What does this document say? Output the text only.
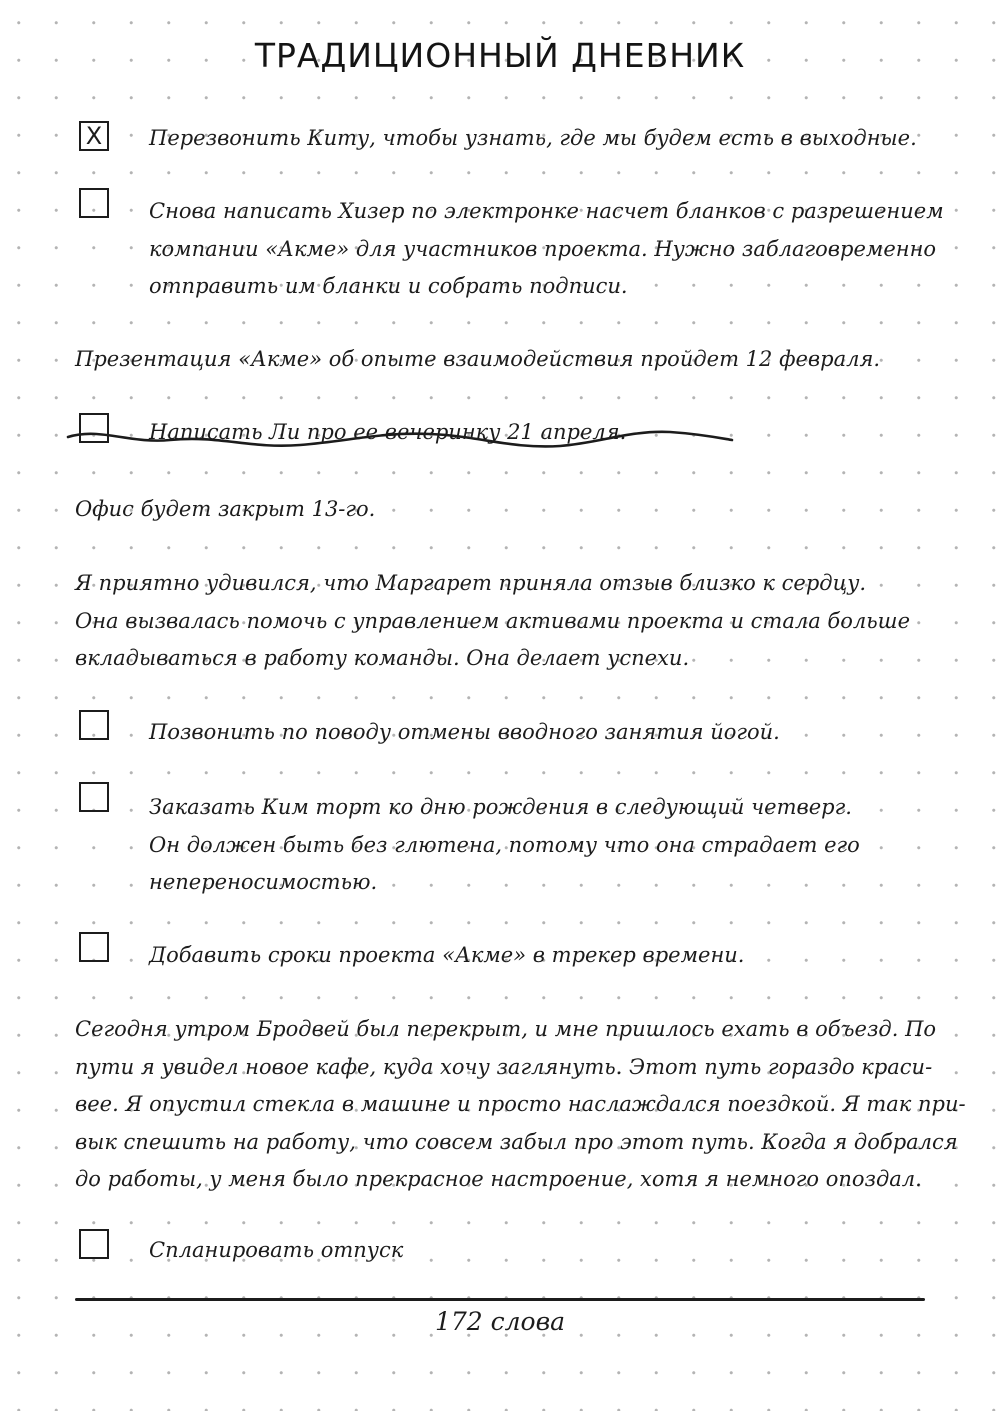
ТРАДИЦИОННЫЙ ДНЕВНИК
X Перезвонить Киту, чтобы узнать, где мы будем есть в выходные.
Снова написать Хизер по электронке насчет бланков с разрешением
компании «Акме» для участников проекта. Нужно заблаговременно
отправить им бланки и собрать подписи.
Презентация «Акме» об опыте взаимодействия пройдет 12 февраля.
Написать Ли про ее вечеринку 21 апреля.
Офис будет закрыт 13-го.
Я приятно удивился, что Маргарет приняла отзыв близко к сердцу.
Она вызвалась помочь с управлением активами проекта и стала больше
вкладываться в работу команды. Она делает успехи.
Позвонить по поводу отмены вводного занятия йогой.
Заказать Ким торт ко дню рождения в следующий четверг.
Он должен быть без глютена, потому что она страдает его
непереносимостью.
Добавить сроки проекта «Акме» в трекер времени.
Сегодня утром Бродвей был перекрыт, и мне пришлось ехать в объезд. По
пути я увидел новое кафе, куда хочу заглянуть. Этот путь гораздо краси-
вее. Я опустил стекла в машине и просто наслаждался поездкой. Я так при-
вык спешить на работу, что совсем забыл про этот путь. Когда я добрался
до работы, у меня было прекрасное настроение, хотя я немного опоздал.
Спланировать отпуск
172 слова
